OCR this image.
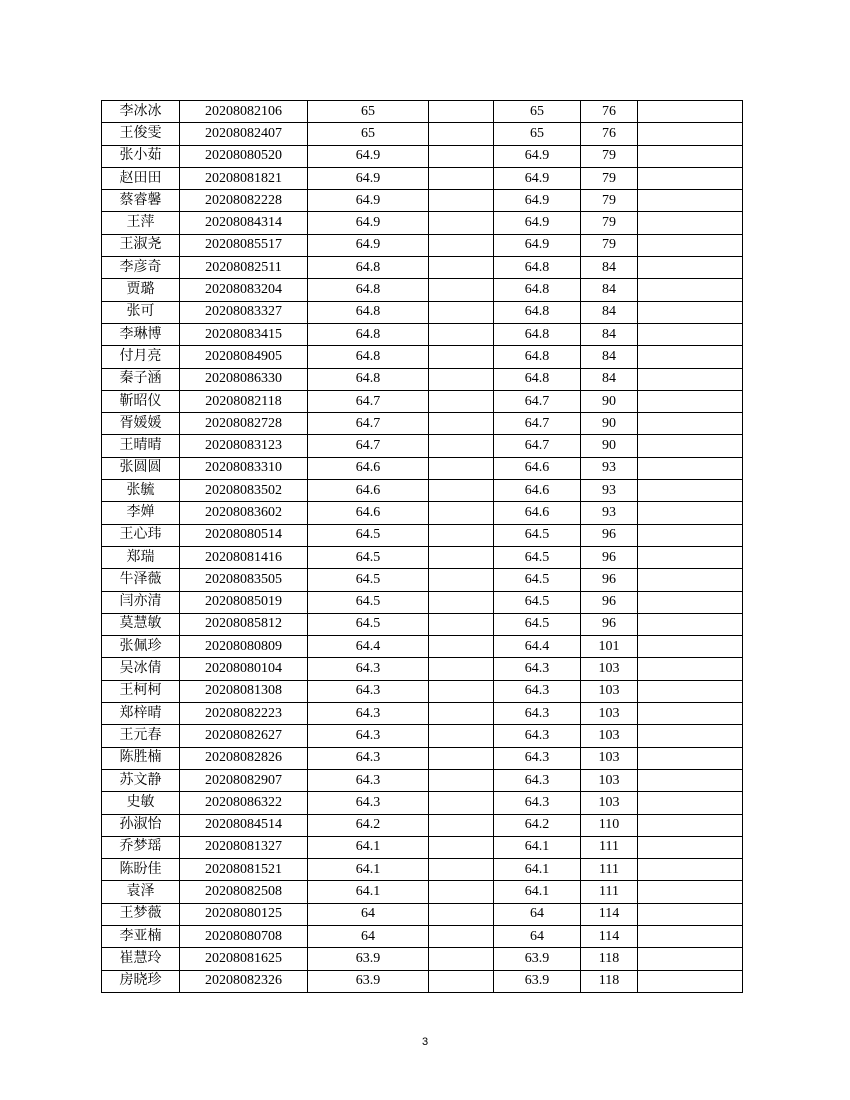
李冰冰	20208082106	65		65	76	
王俊雯	20208082407	65		65	76	
张小茹	20208080520	64.9		64.9	79	
赵田田	20208081821	64.9		64.9	79	
蔡睿馨	20208082228	64.9		64.9	79	
王萍	20208084314	64.9		64.9	79	
王淑尧	20208085517	64.9		64.9	79	
李彦奇	20208082511	64.8		64.8	84	
贾璐	20208083204	64.8		64.8	84	
张可	20208083327	64.8		64.8	84	
李琳博	20208083415	64.8		64.8	84	
付月亮	20208084905	64.8		64.8	84	
秦子涵	20208086330	64.8		64.8	84	
靳昭仪	20208082118	64.7		64.7	90	
胥媛媛	20208082728	64.7		64.7	90	
王晴晴	20208083123	64.7		64.7	90	
张圆圆	20208083310	64.6		64.6	93	
张毓	20208083502	64.6		64.6	93	
李婵	20208083602	64.6		64.6	93	
王心玮	20208080514	64.5		64.5	96	
郑瑞	20208081416	64.5		64.5	96	
牛泽薇	20208083505	64.5		64.5	96	
闫亦清	20208085019	64.5		64.5	96	
莫慧敏	20208085812	64.5		64.5	96	
张佩珍	20208080809	64.4		64.4	101	
吴冰倩	20208080104	64.3		64.3	103	
王柯柯	20208081308	64.3		64.3	103	
郑梓晴	20208082223	64.3		64.3	103	
王元春	20208082627	64.3		64.3	103	
陈胜楠	20208082826	64.3		64.3	103	
苏文静	20208082907	64.3		64.3	103	
史敏	20208086322	64.3		64.3	103	
孙淑怡	20208084514	64.2		64.2	110	
乔梦瑶	20208081327	64.1		64.1	111	
陈盼佳	20208081521	64.1		64.1	111	
袁泽	20208082508	64.1		64.1	111	
王梦薇	20208080125	64		64	114	
李亚楠	20208080708	64		64	114	
崔慧玲	20208081625	63.9		63.9	118	
房晓珍	20208082326	63.9		63.9	118	
3
